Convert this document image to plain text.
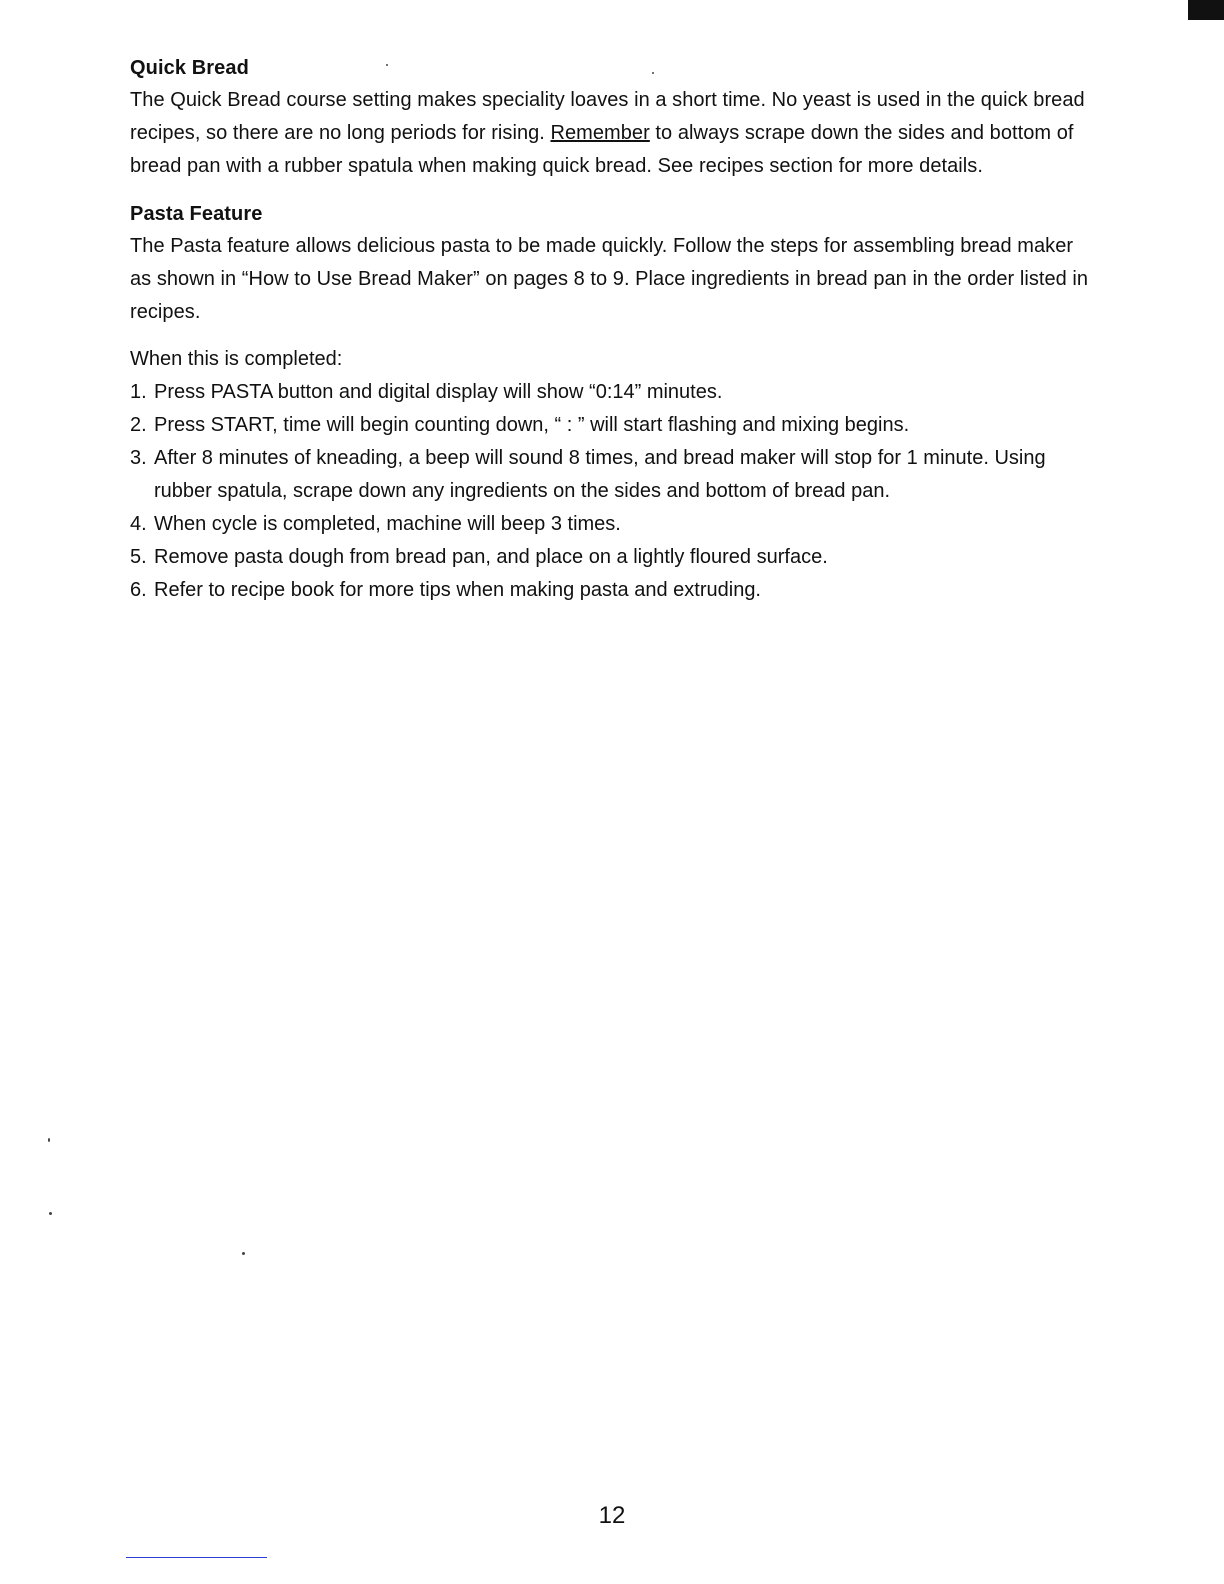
Quick Bread

The Quick Bread course setting makes speciality loaves in a short time. No yeast is used in the quick bread recipes, so there are no long periods for rising. Remember to always scrape down the sides and bottom of bread pan with a rubber spatula when making quick bread. See recipes section for more details.

Pasta Feature

The Pasta feature allows delicious pasta to be made quickly. Follow the steps for assembling bread maker as shown in “How to Use Bread Maker” on pages 8 to 9. Place ingredients in bread pan in the order listed in recipes.

When this is completed:

1. Press PASTA button and digital display will show “0:14” minutes.
2. Press START, time will begin counting down, “ : ” will start flashing and mixing begins.
3. After 8 minutes of kneading, a beep will sound 8 times, and bread maker will stop for 1 minute. Using rubber spatula, scrape down any ingredients on the sides and bottom of bread pan.
4. When cycle is completed, machine will beep 3 times.
5. Remove pasta dough from bread pan, and place on a lightly floured surface.
6. Refer to recipe book for more tips when making pasta and extruding.
12
